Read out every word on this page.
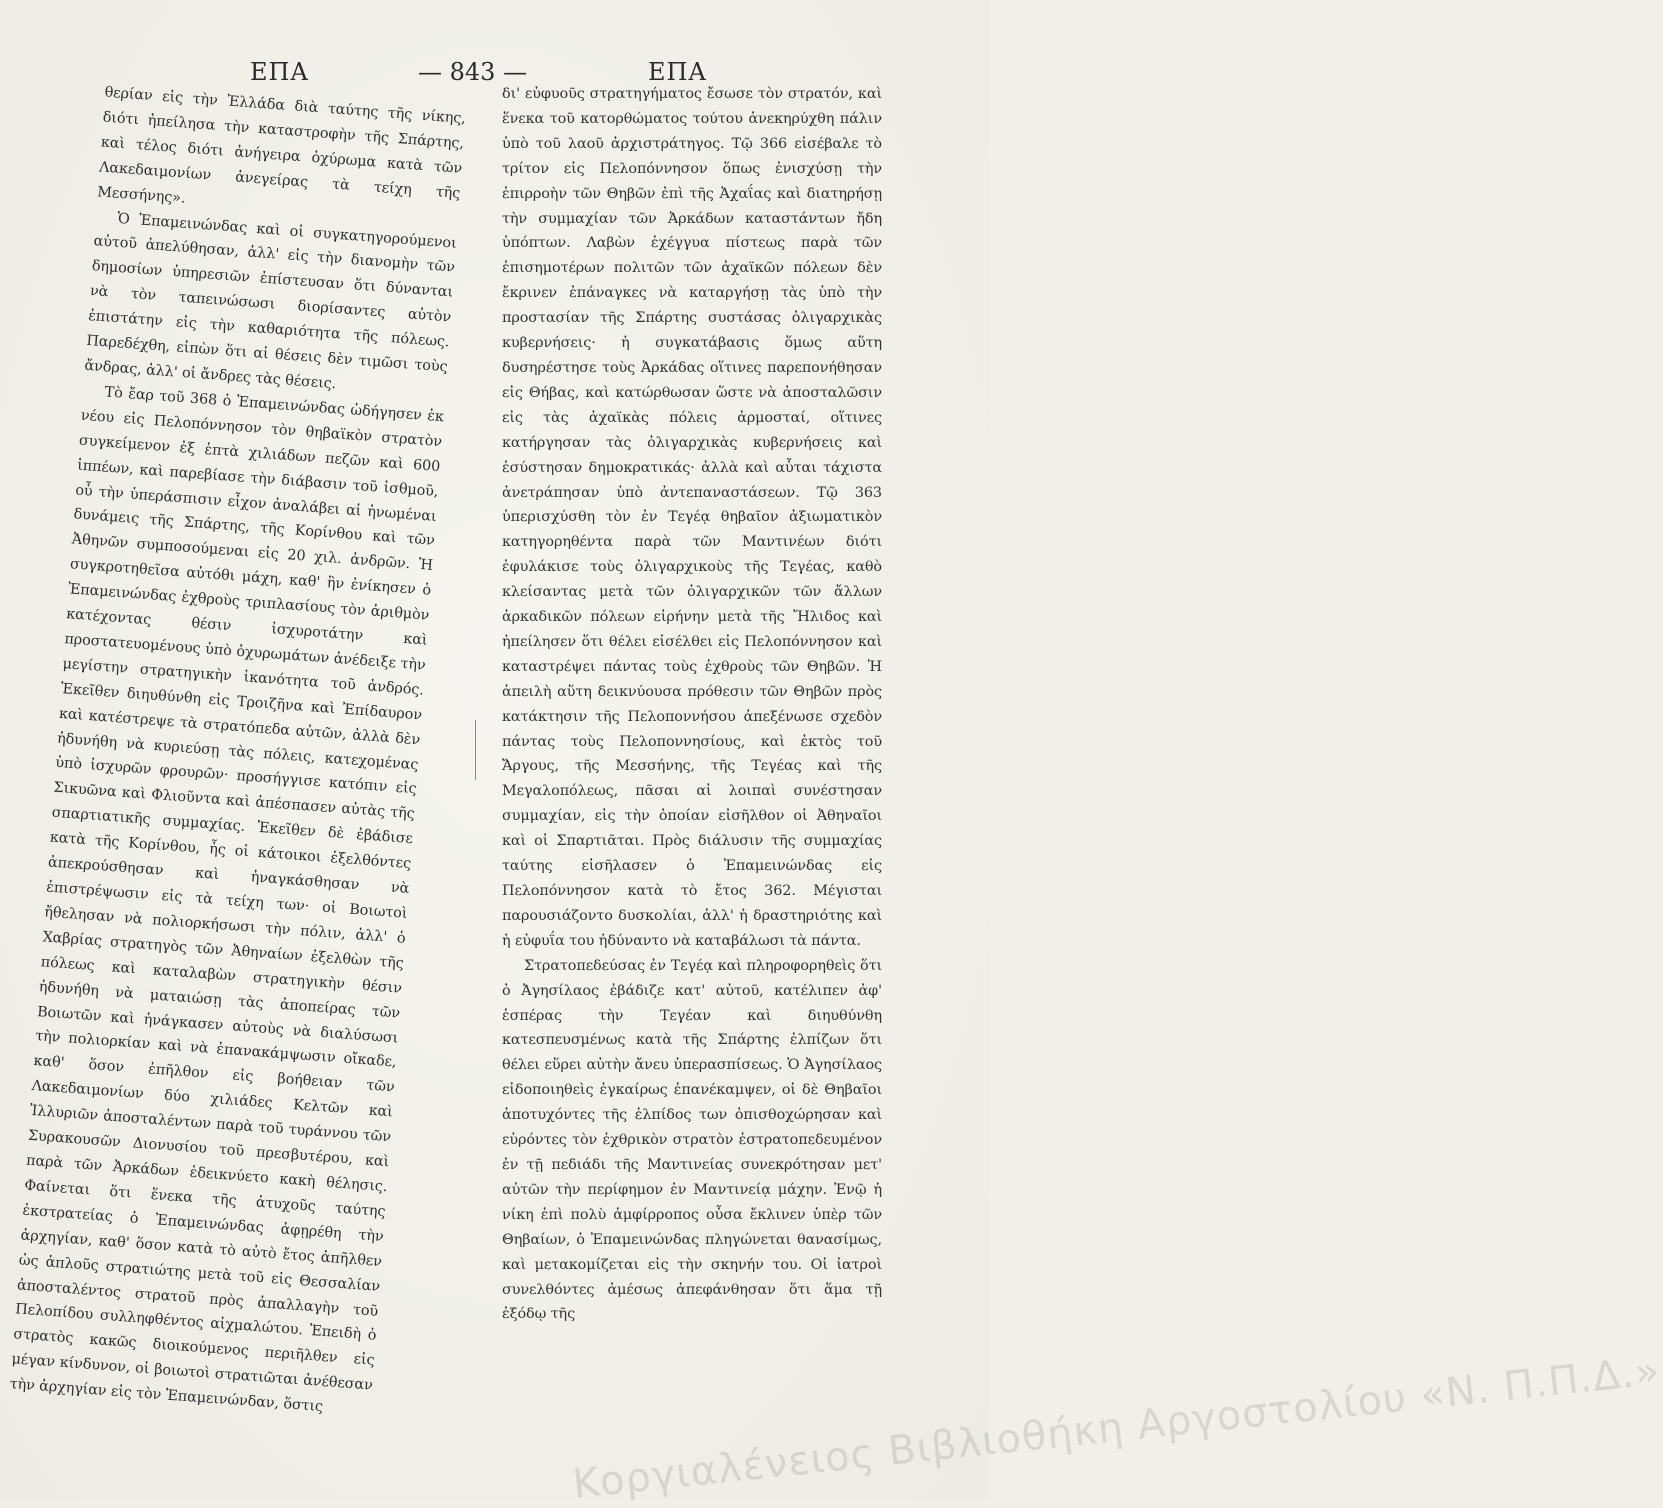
ΕΠΑ	— 843 —	ΕΠΑ

θερίαν εἰς τὴν Ἑλλάδα διὰ ταύτης τῆς νίκης, διότι ἠπείλησα τὴν καταστροφὴν τῆς Σπάρτης, καὶ τέλος διότι ἀνήγειρα ὀχύρωμα κατὰ τῶν Λακεδαιμονίων ἀνεγείρας τὰ τείχη τῆς Μεσσήνης».

Ὁ Ἐπαμεινώνδας καὶ οἱ συγκατηγορούμενοι αὐτοῦ ἀπελύθησαν, ἀλλ' εἰς τὴν διανομὴν τῶν δημοσίων ὑπηρεσιῶν ἐπίστευσαν ὅτι δύνανται νὰ τὸν ταπεινώσωσι διορίσαντες αὐτὸν ἐπιστάτην εἰς τὴν καθαριότητα τῆς πόλεως. Παρεδέχθη, εἰπὼν ὅτι αἱ θέσεις δὲν τιμῶσι τοὺς ἄνδρας, ἀλλ' οἱ ἄνδρες τὰς θέσεις.

Τὸ ἔαρ τοῦ 368 ὁ Ἐπαμεινώνδας ὡδήγησεν ἐκ νέου εἰς Πελοπόννησον τὸν θηβαϊκὸν στρατὸν συγκείμενον ἐξ ἑπτὰ χιλιάδων πεζῶν καὶ 600 ἱππέων, καὶ παρεβίασε τὴν διάβασιν τοῦ ἰσθμοῦ, οὗ τὴν ὑπεράσπισιν εἶχον ἀναλάβει αἱ ἡνωμέναι δυνάμεις τῆς Σπάρτης, τῆς Κορίνθου καὶ τῶν Ἀθηνῶν συμποσούμεναι εἰς 20 χιλ. ἀνδρῶν. Ἡ συγκροτηθεῖσα αὐτόθι μάχη, καθ' ἣν ἐνίκησεν ὁ Ἐπαμεινώνδας ἐχθροὺς τριπλασίους τὸν ἀριθμὸν κατέχοντας θέσιν ἰσχυροτάτην καὶ προστατευομένους ὑπὸ ὀχυρωμάτων ἀνέδειξε τὴν μεγίστην στρατηγικὴν ἱκανότητα τοῦ ἀνδρός. Ἐκεῖθεν διηυθύνθη εἰς Τροιζῆνα καὶ Ἐπίδαυρον καὶ κατέστρεψε τὰ στρατόπεδα αὐτῶν, ἀλλὰ δὲν ἠδυνήθη νὰ κυριεύσῃ τὰς πόλεις, κατεχομένας ὑπὸ ἰσχυρῶν φρουρῶν· προσήγγισε κατόπιν εἰς Σικυῶνα καὶ Φλιοῦντα καὶ ἀπέσπασεν αὐτὰς τῆς σπαρτιατικῆς συμμαχίας. Ἐκεῖθεν δὲ ἐβάδισε κατὰ τῆς Κορίνθου, ἧς οἱ κάτοικοι ἐξελθόντες ἀπεκρούσθησαν καὶ ἠναγκάσθησαν νὰ ἐπιστρέψωσιν εἰς τὰ τείχη των· οἱ Βοιωτοὶ ἤθελησαν νὰ πολιορκήσωσι τὴν πόλιν, ἀλλ' ὁ Χαβρίας στρατηγὸς τῶν Ἀθηναίων ἐξελθὼν τῆς πόλεως καὶ καταλαβὼν στρατηγικὴν θέσιν ἠδυνήθη νὰ ματαιώσῃ τὰς ἀποπείρας τῶν Βοιωτῶν καὶ ἠνάγκασεν αὐτοὺς νὰ διαλύσωσι τὴν πολιορκίαν καὶ νὰ ἐπανακάμψωσιν οἴκαδε, καθ' ὅσον ἐπῆλθον εἰς βοήθειαν τῶν Λακεδαιμονίων δύο χιλιάδες Κελτῶν καὶ Ἰλλυριῶν ἀποσταλέντων παρὰ τοῦ τυράννου τῶν Συρακουσῶν Διονυσίου τοῦ πρεσβυτέρου, καὶ παρὰ τῶν Ἀρκάδων ἐδεικνύετο κακὴ θέλησις. Φαίνεται ὅτι ἕνεκα τῆς ἀτυχοῦς ταύτης ἐκστρατείας ὁ Ἐπαμεινώνδας ἀφῃρέθη τὴν ἀρχηγίαν, καθ' ὅσον κατὰ τὸ αὐτὸ ἔτος ἀπῆλθεν ὡς ἁπλοῦς στρατιώτης μετὰ τοῦ εἰς Θεσσαλίαν ἀποσταλέντος στρατοῦ πρὸς ἀπαλλαγὴν τοῦ Πελοπίδου συλληφθέντος αἰχμαλώτου. Ἐπειδὴ ὁ στρατὸς κακῶς διοικούμενος περιῆλθεν εἰς μέγαν κίνδυνον, οἱ βοιωτοὶ στρατιῶται ἀνέθεσαν τὴν ἀρχηγίαν εἰς τὸν Ἐπαμεινώνδαν, ὅστις

δι' εὐφυοῦς στρατηγήματος ἔσωσε τὸν στρατόν, καὶ ἕνεκα τοῦ κατορθώματος τούτου ἀνεκηρύχθη πάλιν ὑπὸ τοῦ λαοῦ ἀρχιστράτηγος. Τῷ 366 εἰσέβαλε τὸ τρίτον εἰς Πελοπόννησον ὅπως ἐνισχύσῃ τὴν ἐπιρροὴν τῶν Θηβῶν ἐπὶ τῆς Ἀχαΐας καὶ διατηρήσῃ τὴν συμμαχίαν τῶν Ἀρκάδων καταστάντων ἤδη ὑπόπτων. Λαβὼν ἐχέγγυα πίστεως παρὰ τῶν ἐπισημοτέρων πολιτῶν τῶν ἀχαϊκῶν πόλεων δὲν ἔκρινεν ἐπάναγκες νὰ καταργήσῃ τὰς ὑπὸ τὴν προστασίαν τῆς Σπάρτης συστάσας ὀλιγαρχικὰς κυβερνήσεις· ἡ συγκατάβασις ὅμως αὕτη δυσηρέστησε τοὺς Ἀρκάδας οἵτινες παρεπονήθησαν εἰς Θήβας, καὶ κατώρθωσαν ὥστε νὰ ἀποσταλῶσιν εἰς τὰς ἀχαϊκὰς πόλεις ἁρμοσταί, οἵτινες κατήργησαν τὰς ὀλιγαρχικὰς κυβερνήσεις καὶ ἐσύστησαν δημοκρατικάς· ἀλλὰ καὶ αὗται τάχιστα ἀνετράπησαν ὑπὸ ἀντεπαναστάσεων. Τῷ 363 ὑπερισχύσθη τὸν ἐν Τεγέᾳ θηβαῖον ἀξιωματικὸν κατηγορηθέντα παρὰ τῶν Μαντινέων διότι ἐφυλάκισε τοὺς ὀλιγαρχικοὺς τῆς Τεγέας, καθὸ κλείσαντας μετὰ τῶν ὀλιγαρχικῶν τῶν ἄλλων ἀρκαδικῶν πόλεων εἰρήνην μετὰ τῆς Ἤλιδος καὶ ἠπείλησεν ὅτι θέλει εἰσέλθει εἰς Πελοπόννησον καὶ καταστρέψει πάντας τοὺς ἐχθροὺς τῶν Θηβῶν. Ἡ ἀπειλὴ αὕτη δεικνύουσα πρόθεσιν τῶν Θηβῶν πρὸς κατάκτησιν τῆς Πελοποννήσου ἀπεξένωσε σχεδὸν πάντας τοὺς Πελοποννησίους, καὶ ἐκτὸς τοῦ Ἄργους, τῆς Μεσσήνης, τῆς Τεγέας καὶ τῆς Μεγαλοπόλεως, πᾶσαι αἱ λοιπαὶ συνέστησαν συμμαχίαν, εἰς τὴν ὁποίαν εἰσῆλθον οἱ Ἀθηναῖοι καὶ οἱ Σπαρτιᾶται. Πρὸς διάλυσιν τῆς συμμαχίας ταύτης εἰσῆλασεν ὁ Ἐπαμεινώνδας εἰς Πελοπόννησον κατὰ τὸ ἔτος 362. Μέγισται παρουσιάζοντο δυσκολίαι, ἀλλ' ἡ δραστηριότης καὶ ἡ εὐφυΐα του ἠδύναντο νὰ καταβάλωσι τὰ πάντα.

Στρατοπεδεύσας ἐν Τεγέᾳ καὶ πληροφορηθεὶς ὅτι ὁ Ἀγησίλαος ἐβάδιζε κατ' αὐτοῦ, κατέλιπεν ἀφ' ἑσπέρας τὴν Τεγέαν καὶ διηυθύνθη κατεσπευσμένως κατὰ τῆς Σπάρτης ἐλπίζων ὅτι θέλει εὕρει αὐτὴν ἄνευ ὑπερασπίσεως. Ὁ Ἀγησίλαος εἰδοποιηθεὶς ἐγκαίρως ἐπανέκαμψεν, οἱ δὲ Θηβαῖοι ἀποτυχόντες τῆς ἐλπίδος των ὀπισθοχώρησαν καὶ εὑρόντες τὸν ἐχθρικὸν στρατὸν ἐστρατοπεδευμένον ἐν τῇ πεδιάδι τῆς Μαντινείας συνεκρότησαν μετ' αὐτῶν τὴν περίφημον ἐν Μαντινείᾳ μάχην. Ἐνῷ ἡ νίκη ἐπὶ πολὺ ἀμφίρροπος οὖσα ἔκλινεν ὑπὲρ τῶν Θηβαίων, ὁ Ἐπαμεινώνδας πληγώνεται θανασίμως, καὶ μετακομίζεται εἰς τὴν σκηνήν του. Οἱ ἰατροὶ συνελθόντες ἀμέσως ἀπεφάνθησαν ὅτι ἅμα τῇ ἐξόδῳ τῆς

Κοργιαλένειος Βιβλιοθήκη Αργοστολίου «Ν. Π.Π.Δ.»
